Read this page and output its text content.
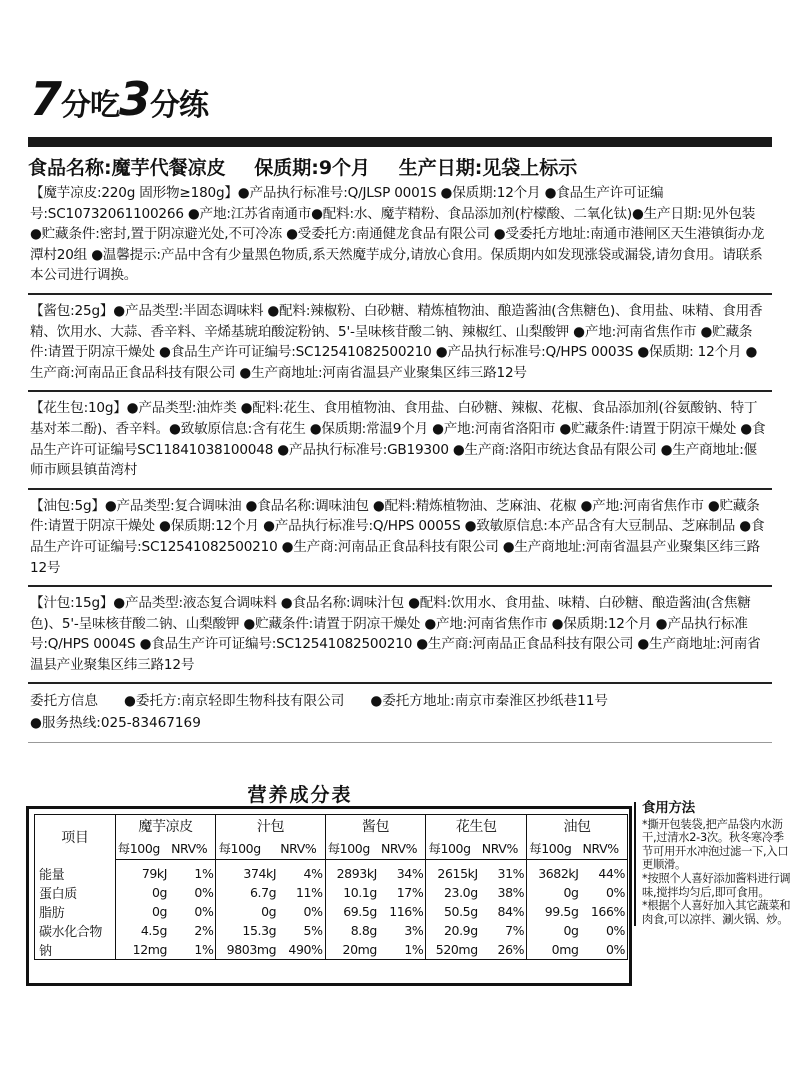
7分吃3分练
食品名称:魔芋代餐凉皮 保质期:9个月 生产日期:见袋上标示

【魔芋凉皮:220g 固形物≥180g】●产品执行标准号:Q/JLSP 0001S ●保质期:12个月 ●食品生产许可证编号:SC10732061100266 ●产地:江苏省南通市●配料:水、魔芋精粉、食品添加剂(柠檬酸、二氧化钛)●生产日期:见外包装 ●贮藏条件:密封,置于阴凉避光处,不可冷冻 ●受委托方:南通健龙食品有限公司 ●受委托方地址:南通市港闸区天生港镇街办龙潭村20组 ●温馨提示:产品中含有少量黑色物质,系天然魔芋成分,请放心食用。保质期内如发现涨袋或漏袋,请勿食用。请联系本公司进行调换。

【酱包:25g】●产品类型:半固态调味料 ●配料:辣椒粉、白砂糖、精炼植物油、酿造酱油(含焦糖色)、食用盐、味精、食用香精、饮用水、大蒜、香辛料、辛烯基琥珀酸淀粉钠、5'-呈味核苷酸二钠、辣椒红、山梨酸钾 ●产地:河南省焦作市 ●贮藏条件:请置于阴凉干燥处 ●食品生产许可证编号:SC12541082500210 ●产品执行标准号:Q/HPS 0003S ●保质期: 12个月 ●生产商:河南品正食品科技有限公司 ●生产商地址:河南省温县产业聚集区纬三路12号

【花生包:10g】●产品类型:油炸类 ●配料:花生、食用植物油、食用盐、白砂糖、辣椒、花椒、食品添加剂(谷氨酸钠、特丁基对苯二酚)、香辛料。●致敏原信息:含有花生 ●保质期:常温9个月 ●产地:河南省洛阳市 ●贮藏条件:请置于阴凉干燥处 ●食品生产许可证编号SC11841038100048 ●产品执行标准号:GB19300 ●生产商:洛阳市统达食品有限公司 ●生产商地址:偃师市顾县镇苗湾村

【油包:5g】●产品类型:复合调味油 ●食品名称:调味油包 ●配料:精炼植物油、芝麻油、花椒 ●产地:河南省焦作市 ●贮藏条件:请置于阴凉干燥处 ●保质期:12个月 ●产品执行标准号:Q/HPS 0005S ●致敏原信息:本产品含有大豆制品、芝麻制品 ●食品生产许可证编号:SC12541082500210 ●生产商:河南品正食品科技有限公司 ●生产商地址:河南省温县产业聚集区纬三路12号

【汁包:15g】●产品类型:液态复合调味料 ●食品名称:调味汁包 ●配料:饮用水、食用盐、味精、白砂糖、酿造酱油(含焦糖色)、5'-呈味核苷酸二钠、山梨酸钾 ●贮藏条件:请置于阴凉干燥处 ●产地:河南省焦作市 ●保质期:12个月 ●产品执行标准号:Q/HPS 0004S ●食品生产许可证编号:SC12541082500210 ●生产商:河南品正食品科技有限公司 ●生产商地址:河南省温县产业聚集区纬三路12号

委托方信息 ●委托方:南京轻即生物科技有限公司 ●委托方地址:南京市秦淮区抄纸巷11号
●服务热线:025-83467169
营养成分表
项目	魔芋凉皮		汁包		酱包		花生包		油包	
	每100g	NRV%	每100g	NRV%	每100g	NRV%	每100g	NRV%	每100g	NRV%
能量	79kJ	1%	374kJ	4%	2893kJ	34%	2615kJ	31%	3682kJ	44%
蛋白质	0g	0%	6.7g	11%	10.1g	17%	23.0g	38%	0g	0%
脂肪	0g	0%	0g	0%	69.5g	116%	50.5g	84%	99.5g	166%
碳水化合物	4.5g	2%	15.3g	5%	8.8g	3%	20.9g	7%	0g	0%
钠	12mg	1%	9803mg	490%	20mg	1%	520mg	26%	0mg	0%
食用方法

*撕开包装袋,把产品袋内水沥干,过清水2-3次。秋冬寒冷季节可用开水冲泡过滤一下,入口更顺滑。

*按照个人喜好添加酱料进行调味,搅拌均匀后,即可食用。

*根据个人喜好加入其它蔬菜和肉食,可以凉拌、涮火锅、炒。
